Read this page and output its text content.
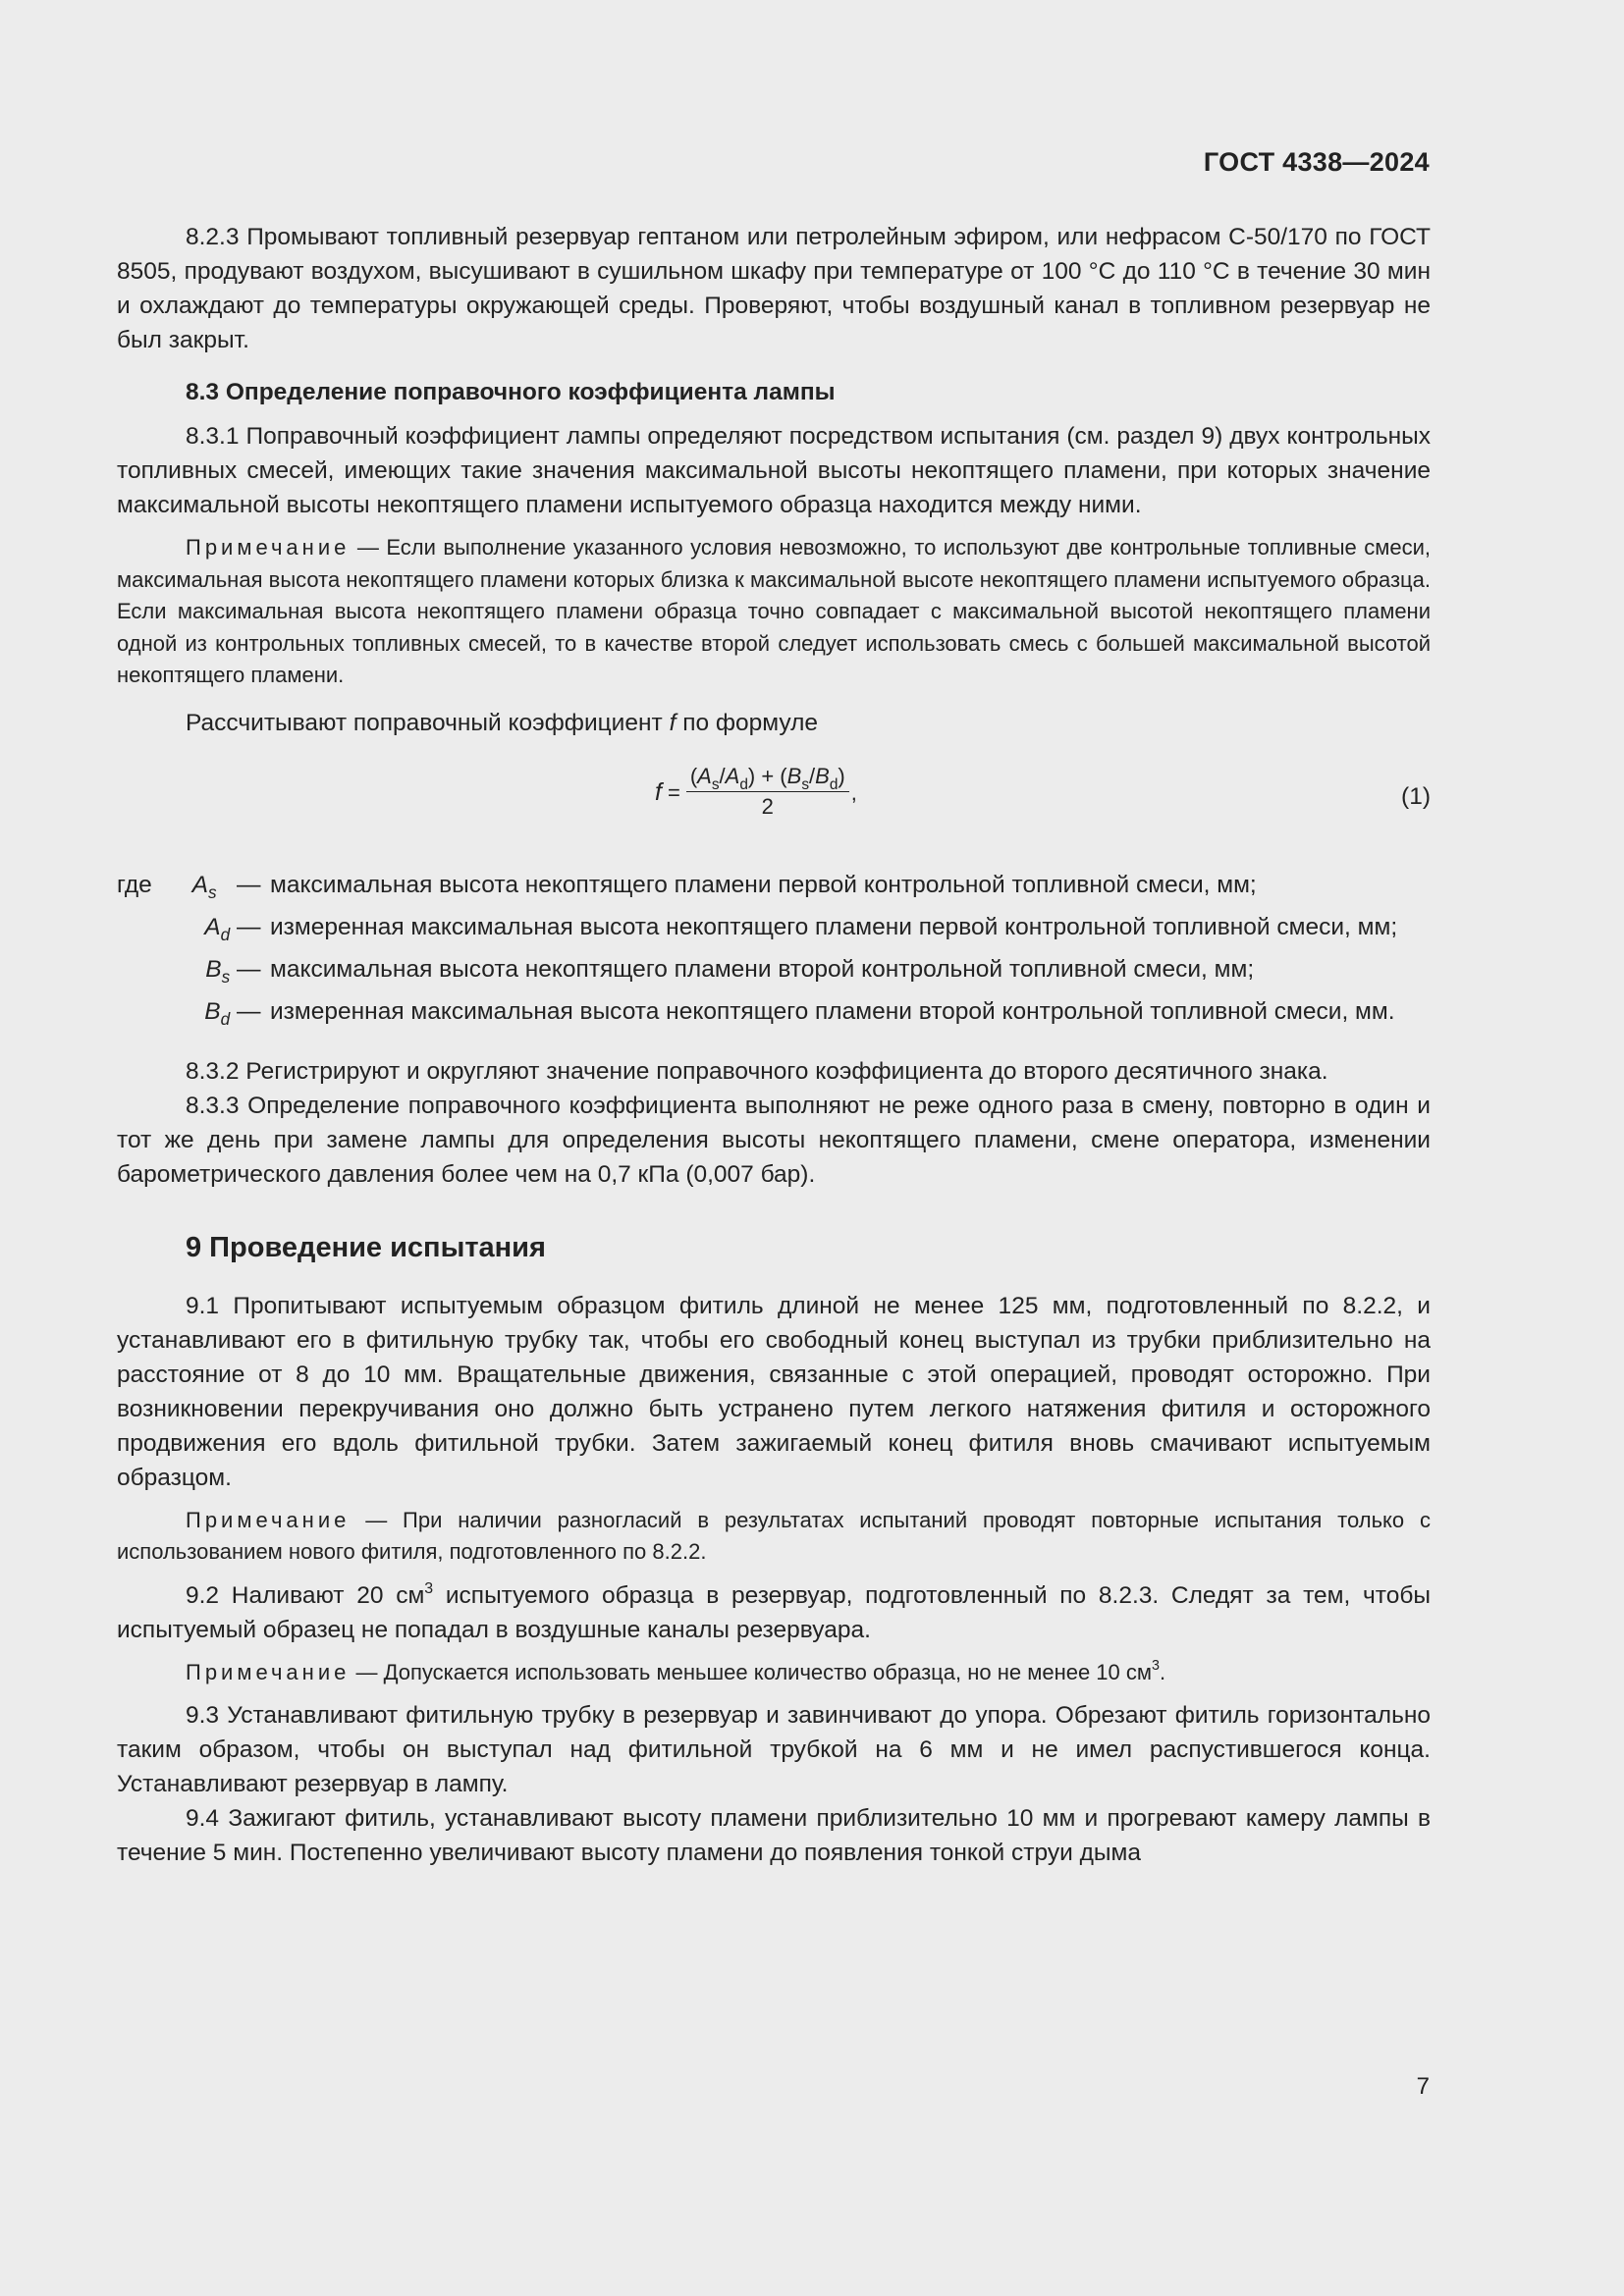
ГОСТ 4338—2024

8.2.3 Промывают топливный резервуар гептаном или петролейным эфиром, или нефрасом С-50/170 по ГОСТ 8505, продувают воздухом, высушивают в сушильном шкафу при температуре от 100 °C до 110 °C в течение 30 мин и охлаждают до температуры окружающей среды. Проверяют, чтобы воздушный канал в топливном резервуар не был закрыт.

8.3 Определение поправочного коэффициента лампы

8.3.1 Поправочный коэффициент лампы определяют посредством испытания (см. раздел 9) двух контрольных топливных смесей, имеющих такие значения максимальной высоты некоптящего пламени, при которых значение максимальной высоты некоптящего пламени испытуемого образца находится между ними.

Примечание — Если выполнение указанного условия невозможно, то используют две контрольные топливные смеси, максимальная высота некоптящего пламени которых близка к максимальной высоте некоптящего пламени испытуемого образца. Если максимальная высота некоптящего пламени образца точно совпадает с максимальной высотой некоптящего пламени одной из контрольных топливных смесей, то в качестве второй следует использовать смесь с большей максимальной высотой некоптящего пламени.

Рассчитывают поправочный коэффициент f по формуле

$f = \frac{(A_s/A_d) + (B_s/B_d)}{2}$ ,	(1)
где $A_s$ — максимальная высота некоптящего пламени первой контрольной топливной смеси, мм;
$A_d$ — измеренная максимальная высота некоптящего пламени первой контрольной топливной смеси, мм;
$B_s$ — максимальная высота некоптящего пламени второй контрольной топливной смеси, мм;
$B_d$ — измеренная максимальная высота некоптящего пламени второй контрольной топливной смеси, мм.

8.3.2 Регистрируют и округляют значение поправочного коэффициента до второго десятичного знака.

8.3.3 Определение поправочного коэффициента выполняют не реже одного раза в смену, повторно в один и тот же день при замене лампы для определения высоты некоптящего пламени, смене оператора, изменении барометрического давления более чем на 0,7 кПа (0,007 бар).

9 Проведение испытания

9.1 Пропитывают испытуемым образцом фитиль длиной не менее 125 мм, подготовленный по 8.2.2, и устанавливают его в фитильную трубку так, чтобы его свободный конец выступал из трубки приблизительно на расстояние от 8 до 10 мм. Вращательные движения, связанные с этой операцией, проводят осторожно. При возникновении перекручивания оно должно быть устранено путем легкого натяжения фитиля и осторожного продвижения его вдоль фитильной трубки. Затем зажигаемый конец фитиля вновь смачивают испытуемым образцом.

Примечание — При наличии разногласий в результатах испытаний проводят повторные испытания только с использованием нового фитиля, подготовленного по 8.2.2.

9.2 Наливают 20 $см^3$ испытуемого образца в резервуар, подготовленный по 8.2.3. Следят за тем, чтобы испытуемый образец не попадал в воздушные каналы резервуара.

Примечание — Допускается использовать меньшее количество образца, но не менее 10 $см^3$.

9.3 Устанавливают фитильную трубку в резервуар и завинчивают до упора. Обрезают фитиль горизонтально таким образом, чтобы он выступал над фитильной трубкой на 6 мм и не имел распустившегося конца. Устанавливают резервуар в лампу.

9.4 Зажигают фитиль, устанавливают высоту пламени приблизительно 10 мм и прогревают камеру лампы в течение 5 мин. Постепенно увеличивают высоту пламени до появления тонкой струи дыма

7
